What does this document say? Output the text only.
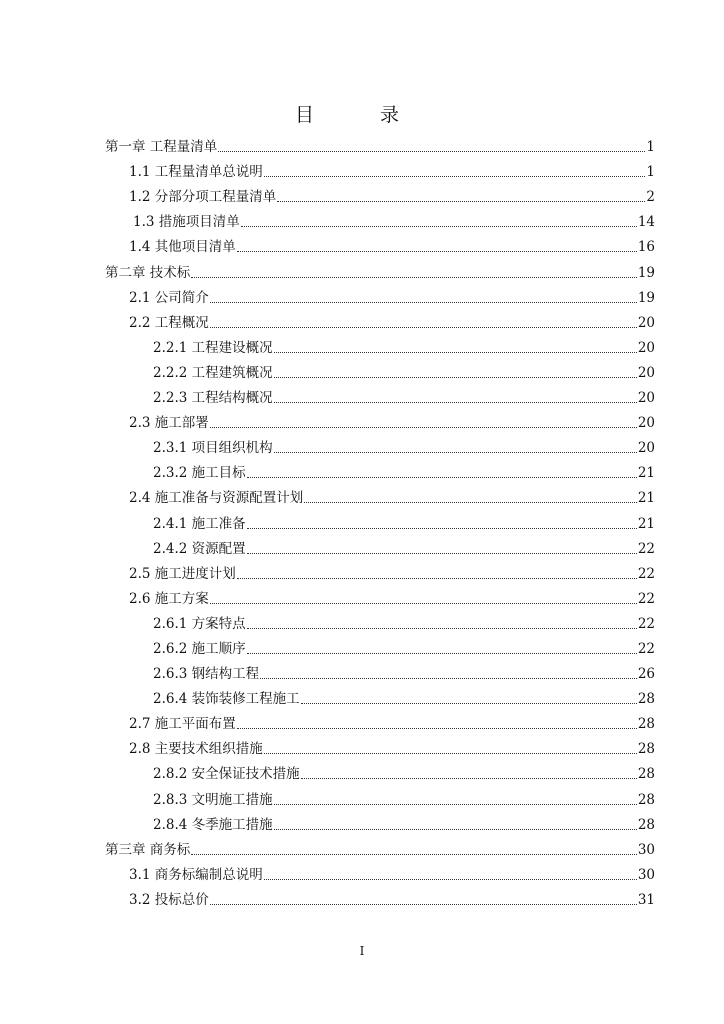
目 录
第一章 工程量清单	1
1.1 工程量清单总说明	1
1.2 分部分项工程量清单	2
1.3 措施项目清单	14
1.4 其他项目清单	16
第二章 技术标	19
2.1 公司简介	19
2.2 工程概况	20
2.2.1 工程建设概况	20
2.2.2 工程建筑概况	20
2.2.3 工程结构概况	20
2.3 施工部署	20
2.3.1 项目组织机构	20
2.3.2 施工目标	21
2.4 施工准备与资源配置计划	21
2.4.1 施工准备	21
2.4.2 资源配置	22
2.5 施工进度计划	22
2.6 施工方案	22
2.6.1 方案特点	22
2.6.2 施工顺序	22
2.6.3 钢结构工程	26
2.6.4 装饰装修工程施工	28
2.7 施工平面布置	28
2.8 主要技术组织措施	28
2.8.2 安全保证技术措施	28
2.8.3 文明施工措施	28
2.8.4 冬季施工措施	28
第三章 商务标	30
3.1 商务标编制总说明	30
3.2 投标总价	31
I
